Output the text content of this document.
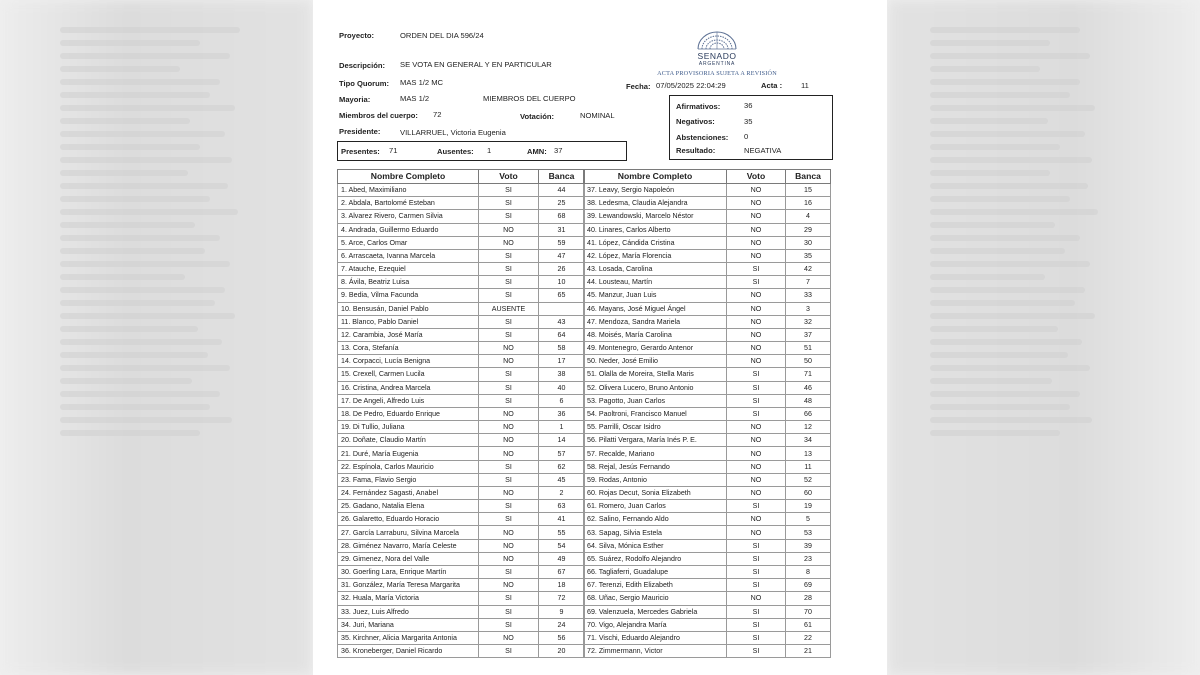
Proyecto:	ORDEN DEL DIA 596/24
Descripción: SE VOTA EN GENERAL Y EN PARTICULAR
Tipo Quorum: MAS 1/2 MC
Mayoria:	MAS 1/2	MIEMBROS DEL CUERPO
Miembros del cuerpo: 72	Votación:	NOMINAL
Presidente:	VILLARRUEL, Victoria Eugenia
SENADO
ARGENTINA
ACTA PROVISORIA SUJETA A REVISIÓN
Fecha: 07/05/2025 22:04:29	Acta : 11
Presentes: 71	Ausentes: 1	AMN: 37
Afirmativos:	36
Negativos:	35
Abstenciones: 0
Resultado:	NEGATIVA
Nombre Completo	Voto	Banca
1. Abed, Maximiliano	SI	44
2. Abdala, Bartolomé Esteban	SI	25
3. Alvarez Rivero, Carmen Silvia	SI	68
4. Andrada, Guillermo Eduardo	NO	31
5. Arce, Carlos Omar	NO	59
6. Arrascaeta, Ivanna Marcela	SI	47
7. Atauche, Ezequiel	SI	26
8. Ávila, Beatriz Luisa	SI	10
9. Bedia, Vilma Facunda	SI	65
10. Bensusán, Daniel Pablo	AUSENTE	
11. Blanco, Pablo Daniel	SI	43
12. Carambia, José María	SI	64
13. Cora, Stefanía	NO	58
14. Corpacci, Lucía Benigna	NO	17
15. Crexell, Carmen Lucila	SI	38
16. Cristina, Andrea Marcela	SI	40
17. De Angeli, Alfredo Luis	SI	6
18. De Pedro, Eduardo Enrique	NO	36
19. Di Tullio, Juliana	NO	1
20. Doñate, Claudio Martín	NO	14
21. Duré, María Eugenia	NO	57
22. Espínola, Carlos Mauricio	SI	62
23. Fama, Flavio Sergio	SI	45
24. Fernández Sagasti, Anabel	NO	2
25. Gadano, Natalia Elena	SI	63
26. Galaretto, Eduardo Horacio	SI	41
27. García Larraburu, Silvina Marcela	NO	55
28. Giménez Navarro, María Celeste	NO	54
29. Gimenez, Nora del Valle	NO	49
30. Goerling Lara, Enrique Martín	SI	67
31. González, María Teresa Margarita	NO	18
32. Huala, María Victoria	SI	72
33. Juez, Luis Alfredo	SI	9
34. Juri, Mariana	SI	24
35. Kirchner, Alicia Margarita Antonia	NO	56
36. Kroneberger, Daniel Ricardo	SI	20
Nombre Completo	Voto	Banca
37. Leavy, Sergio Napoleón	NO	15
38. Ledesma, Claudia Alejandra	NO	16
39. Lewandowski, Marcelo Néstor	NO	4
40. Linares, Carlos Alberto	NO	29
41. López, Cándida Cristina	NO	30
42. López, María Florencia	NO	35
43. Losada, Carolina	SI	42
44. Lousteau, Martín	SI	7
45. Manzur, Juan Luis	NO	33
46. Mayans, José Miguel Ángel	NO	3
47. Mendoza, Sandra Mariela	NO	32
48. Moisés, María Carolina	NO	37
49. Montenegro, Gerardo Antenor	NO	51
50. Neder, José Emilio	NO	50
51. Olalla de Moreira, Stella Maris	SI	71
52. Olivera Lucero, Bruno Antonio	SI	46
53. Pagotto, Juan Carlos	SI	48
54. Paoltroni, Francisco Manuel	SI	66
55. Parrilli, Oscar Isidro	NO	12
56. Pilatti Vergara, María Inés P. E.	NO	34
57. Recalde, Mariano	NO	13
58. Rejal, Jesús Fernando	NO	11
59. Rodas, Antonio	NO	52
60. Rojas Decut, Sonia Elizabeth	NO	60
61. Romero, Juan Carlos	SI	19
62. Salino, Fernando Aldo	NO	5
63. Sapag, Silvia Estela	NO	53
64. Silva, Mónica Esther	SI	39
65. Suárez, Rodolfo Alejandro	SI	23
66. Tagliaferri, Guadalupe	SI	8
67. Terenzi, Edith Elizabeth	SI	69
68. Uñac, Sergio Mauricio	NO	28
69. Valenzuela, Mercedes Gabriela	SI	70
70. Vigo, Alejandra María	SI	61
71. Vischi, Eduardo Alejandro	SI	22
72. Zimmermann, Victor	SI	21
